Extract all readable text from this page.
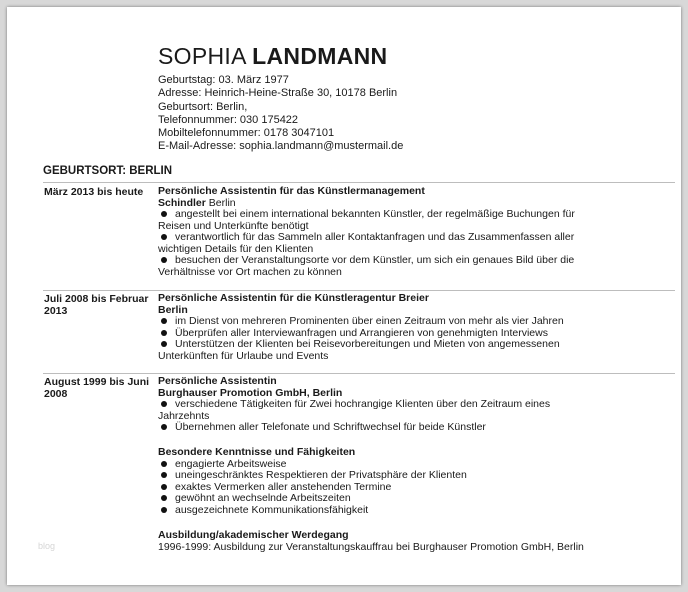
SOPHIA LANDMANN
Geburtstag: 03. März 1977
Adresse: Heinrich-Heine-Straße 30, 10178 Berlin
Geburtsort: Berlin,
Telefonnummer: 030 175422
Mobiltelefonnummer: 0178 3047101
E-Mail-Adresse: sophia.landmann@mustermail.de
GEBURTSORT: BERLIN
März 2013 bis heute	Persönliche Assistentin für das Künstlermanagement
Schindler Berlin
angestellt bei einem international bekannten Künstler, der regelmäßige Buchungen für
Reisen und Unterkünfte benötigt
verantwortlich für das Sammeln aller Kontaktanfragen und das Zusammenfassen aller
wichtigen Details für den Klienten
besuchen der Veranstaltungsorte vor dem Künstler, um sich ein genaues Bild über die
Verhältnisse vor Ort machen zu können
Juli 2008 bis Februar 2013
Persönliche Assistentin für die Künstleragentur Breier
Berlin
im Dienst von mehreren Prominenten über einen Zeitraum von mehr als vier Jahren
Überprüfen aller Interviewanfragen und Arrangieren von genehmigten Interviews
Unterstützen der Klienten bei Reisevorbereitungen und Mieten von angemessenen
Unterkünften für Urlaube und Events
August 1999 bis Juni 2008
Persönliche Assistentin
Burghauser Promotion GmbH, Berlin
verschiedene Tätigkeiten für Zwei hochrangige Klienten über den Zeitraum eines
Jahrzehnts
Übernehmen aller Telefonate und Schriftwechsel für beide Künstler
Besondere Kenntnisse und Fähigkeiten
engagierte Arbeitsweise
uneingeschränktes Respektieren der Privatsphäre der Klienten
exaktes Vermerken aller anstehenden Termine
gewöhnt an wechselnde Arbeitszeiten
ausgezeichnete Kommunikationsfähigkeit
Ausbildung/akademischer Werdegang
1996-1999: Ausbildung zur Veranstaltungskauffrau bei Burghauser Promotion GmbH, Berlin
blog
